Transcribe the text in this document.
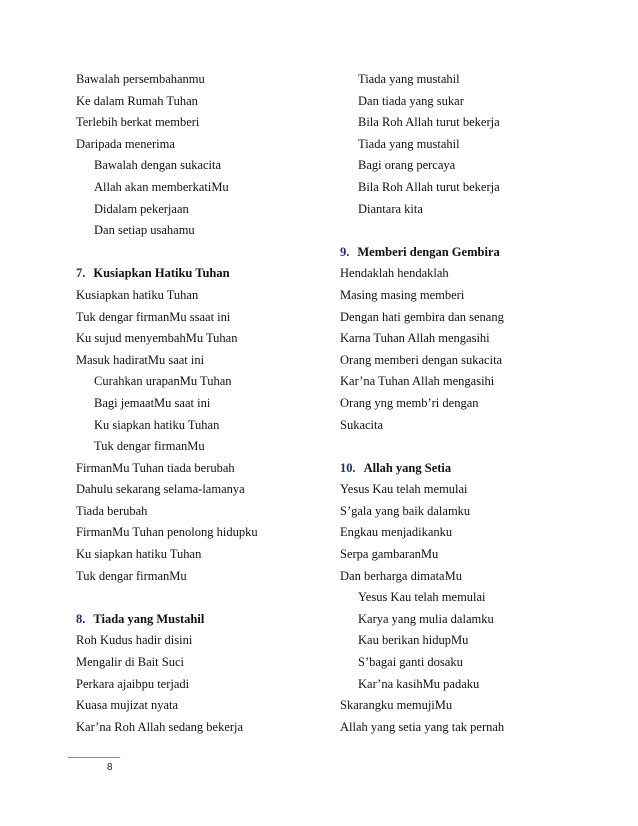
Bawalah persembahanmu
Ke dalam Rumah Tuhan
Terlebih berkat memberi
Daripada menerima
Bawalah dengan sukacita
Allah akan memberkatiMu
Didalam pekerjaan
Dan setiap usahamu
7. Kusiapkan Hatiku Tuhan
Kusiapkan hatiku Tuhan
Tuk dengar firmanMu ssaat ini
Ku sujud menyembahMu Tuhan
Masuk hadiratMu saat ini
Curahkan urapanMu Tuhan
Bagi jemaatMu saat ini
Ku siapkan hatiku Tuhan
Tuk dengar firmanMu
FirmanMu Tuhan tiada berubah
Dahulu sekarang selama-lamanya
Tiada berubah
FirmanMu Tuhan penolong hidupku
Ku siapkan hatiku Tuhan
Tuk dengar firmanMu
8. Tiada yang Mustahil
Roh Kudus hadir disini
Mengalir di Bait Suci
Perkara ajaibpu terjadi
Kuasa mujizat nyata
Kar’na Roh Allah sedang bekerja
Tiada yang mustahil
Dan tiada yang sukar
Bila Roh Allah turut bekerja
Tiada yang mustahil
Bagi orang percaya
Bila Roh Allah turut bekerja
Diantara kita
9. Memberi dengan Gembira
Hendaklah hendaklah
Masing masing memberi
Dengan hati gembira dan senang
Karna Tuhan Allah mengasihi
Orang memberi dengan sukacita
Kar’na Tuhan Allah mengasihi
Orang yng memb’ri dengan
Sukacita
10. Allah yang Setia
Yesus Kau telah memulai
S’gala yang baik dalamku
Engkau menjadikanku
Serpa gambaranMu
Dan berharga dimataMu
Yesus Kau telah memulai
Karya yang mulia dalamku
Kau berikan hidupMu
S’bagai ganti dosaku
Kar’na kasihMu padaku
Skarangku memujiMu
Allah yang setia yang tak pernah
8
